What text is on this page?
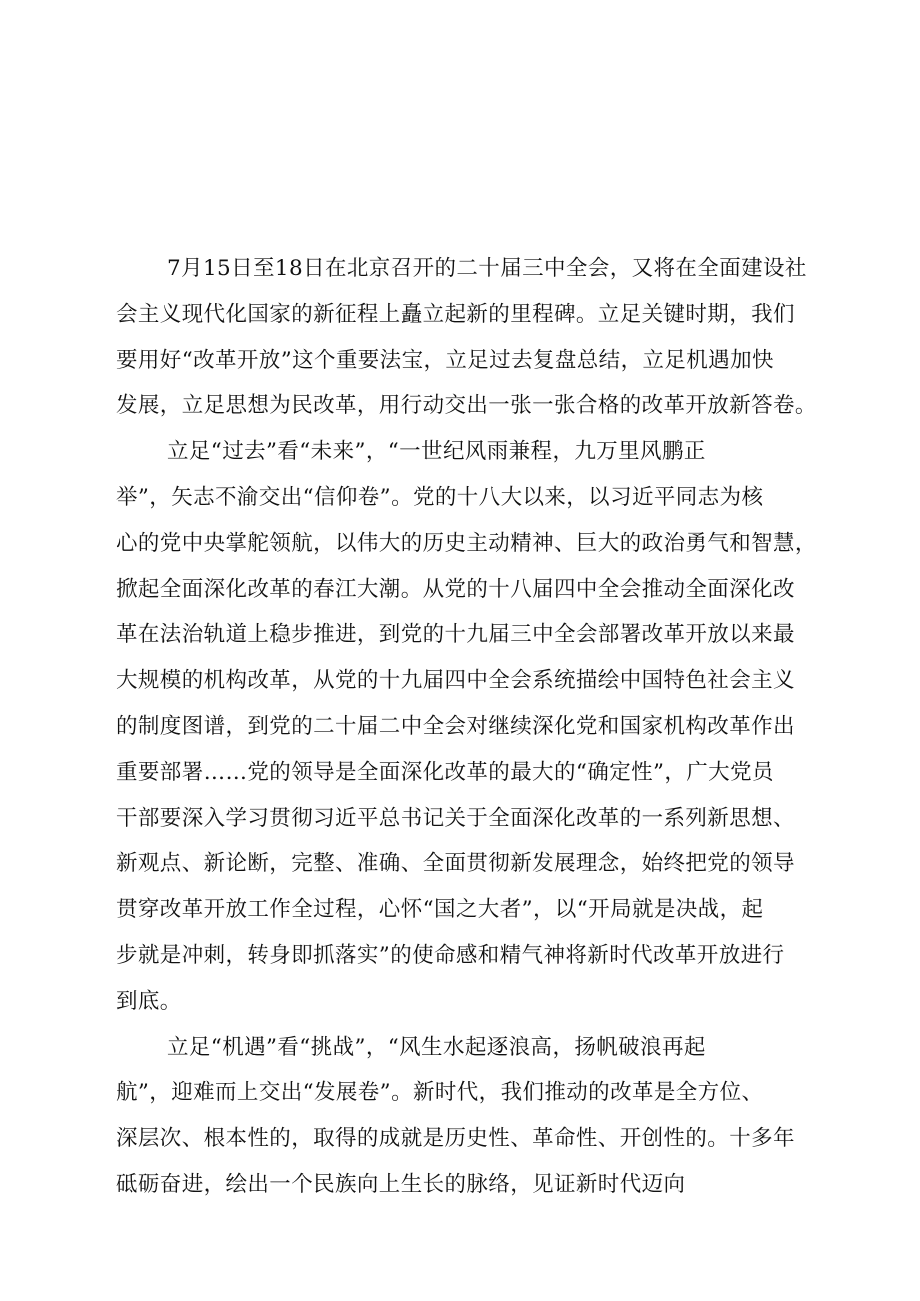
7月15日至18日在北京召开的二十届三中全会，又将在全面建设社
会主义现代化国家的新征程上矗立起新的里程碑。立足关键时期，我们
要用好“改革开放”这个重要法宝，立足过去复盘总结，立足机遇加快
发展，立足思想为民改革，用行动交出一张一张合格的改革开放新答卷。
立足“过去”看“未来”，“一世纪风雨兼程，九万里风鹏正
举”，矢志不渝交出“信仰卷”。党的十八大以来，以习近平同志为核
心的党中央掌舵领航，以伟大的历史主动精神、巨大的政治勇气和智慧，
掀起全面深化改革的春江大潮。从党的十八届四中全会推动全面深化改
革在法治轨道上稳步推进，到党的十九届三中全会部署改革开放以来最
大规模的机构改革，从党的十九届四中全会系统描绘中国特色社会主义
的制度图谱，到党的二十届二中全会对继续深化党和国家机构改革作出
重要部署……党的领导是全面深化改革的最大的“确定性”，广大党员
干部要深入学习贯彻习近平总书记关于全面深化改革的一系列新思想、
新观点、新论断，完整、准确、全面贯彻新发展理念，始终把党的领导
贯穿改革开放工作全过程，心怀“国之大者”，以“开局就是决战，起
步就是冲刺，转身即抓落实”的使命感和精气神将新时代改革开放进行
到底。
立足“机遇”看“挑战”，“风生水起逐浪高，扬帆破浪再起
航”，迎难而上交出“发展卷”。新时代，我们推动的改革是全方位、
深层次、根本性的，取得的成就是历史性、革命性、开创性的。十多年
砥砺奋进，绘出一个民族向上生长的脉络，见证新时代迈向
